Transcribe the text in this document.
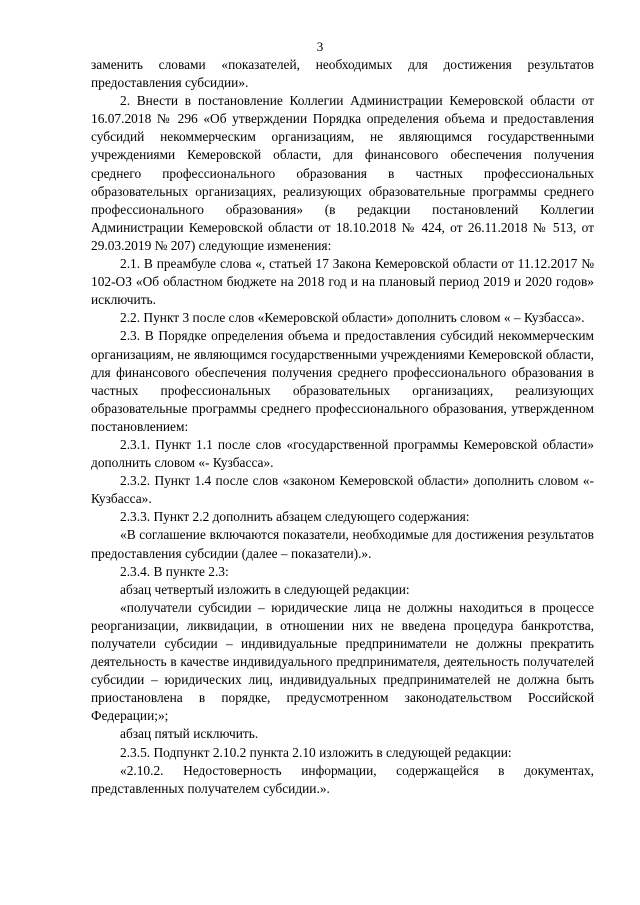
3

заменить словами «показателей, необходимых для достижения результатов предоставления субсидии».

2. Внести в постановление Коллегии Администрации Кемеровской области от 16.07.2018 № 296 «Об утверждении Порядка определения объема и предоставления субсидий некоммерческим организациям, не являющимся государственными учреждениями Кемеровской области, для финансового обеспечения получения среднего профессионального образования в частных профессиональных образовательных организациях, реализующих образовательные программы среднего профессионального образования» (в редакции постановлений Коллегии Администрации Кемеровской области от 18.10.2018 № 424, от 26.11.2018 № 513, от 29.03.2019 № 207) следующие изменения:

2.1. В преамбуле слова «, статьей 17 Закона Кемеровской области от 11.12.2017 № 102-ОЗ «Об областном бюджете на 2018 год и на плановый период 2019 и 2020 годов» исключить.

2.2. Пункт 3 после слов «Кемеровской области» дополнить словом « – Кузбасса».

2.3. В Порядке определения объема и предоставления субсидий некоммерческим организациям, не являющимся государственными учреждениями Кемеровской области, для финансового обеспечения получения среднего профессионального образования в частных профессиональных образовательных организациях, реализующих образовательные программы среднего профессионального образования, утвержденном постановлением:

2.3.1. Пункт 1.1 после слов «государственной программы Кемеровской области» дополнить словом «- Кузбасса».

2.3.2. Пункт 1.4 после слов «законом Кемеровской области» дополнить словом «- Кузбасса».

2.3.3. Пункт 2.2 дополнить абзацем следующего содержания:

«В соглашение включаются показатели, необходимые для достижения результатов предоставления субсидии (далее – показатели).».

2.3.4. В пункте 2.3:

абзац четвертый изложить в следующей редакции:

«получатели субсидии – юридические лица не должны находиться в процессе реорганизации, ликвидации, в отношении них не введена процедура банкротства, получатели субсидии – индивидуальные предприниматели не должны прекратить деятельность в качестве индивидуального предпринимателя, деятельность получателей субсидии – юридических лиц, индивидуальных предпринимателей не должна быть приостановлена в порядке, предусмотренном законодательством Российской Федерации;»;

абзац пятый исключить.

2.3.5. Подпункт 2.10.2 пункта 2.10 изложить в следующей редакции:

«2.10.2. Недостоверность информации, содержащейся в документах, представленных получателем субсидии.».
